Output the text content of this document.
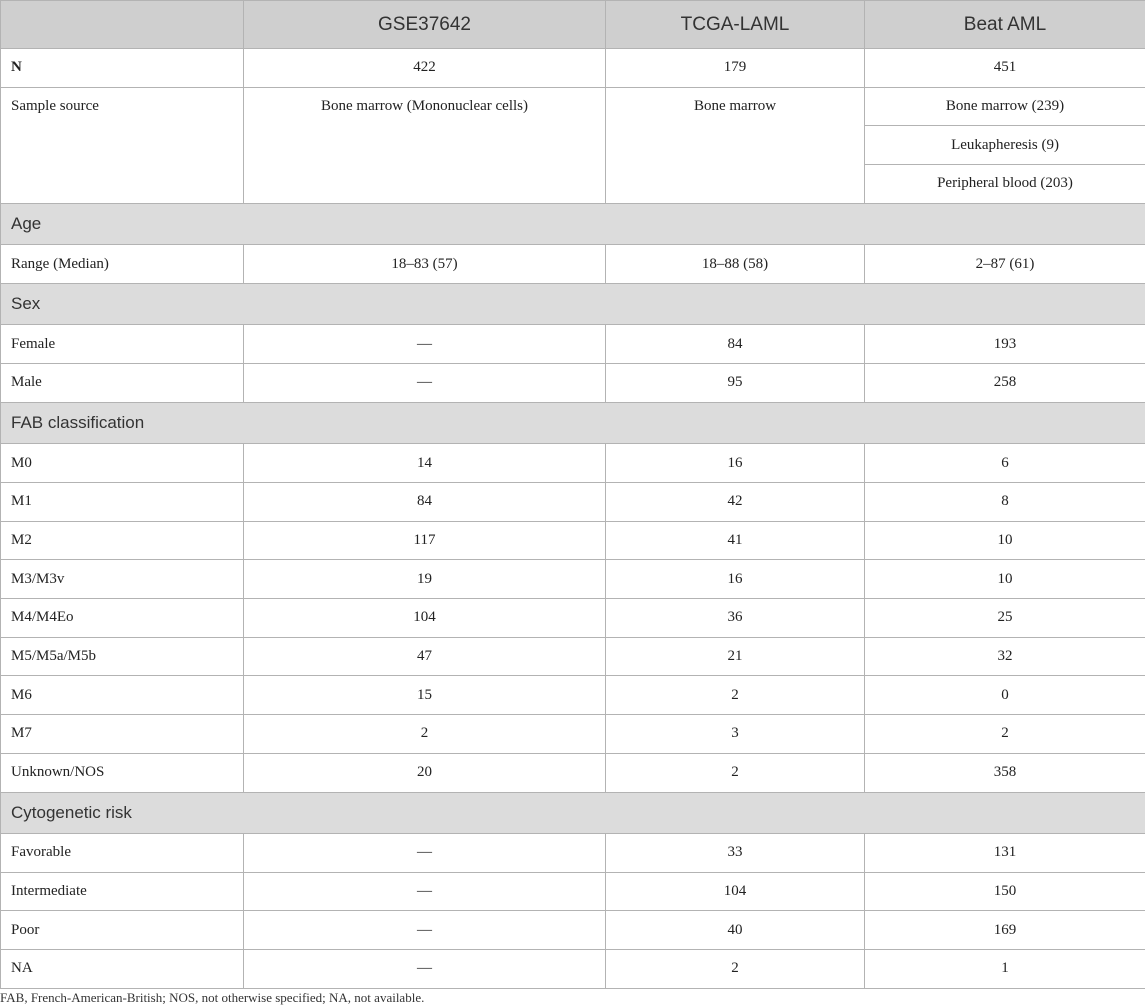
	GSE37642	TCGA-LAML	Beat AML
N	422	179	451
Sample source	Bone marrow (Mononuclear cells)	Bone marrow	Bone marrow (239)
			Leukapheresis (9)
			Peripheral blood (203)
Age			
Range (Median)	18–83 (57)	18–88 (58)	2–87 (61)
Sex			
Female	—	84	193
Male	—	95	258
FAB classification			
M0	14	16	6
M1	84	42	8
M2	117	41	10
M3/M3v	19	16	10
M4/M4Eo	104	36	25
M5/M5a/M5b	47	21	32
M6	15	2	0
M7	2	3	2
Unknown/NOS	20	2	358
Cytogenetic risk			
Favorable	—	33	131
Intermediate	—	104	150
Poor	—	40	169
NA	—	2	1
FAB, French-American-British; NOS, not otherwise specified; NA, not available.
